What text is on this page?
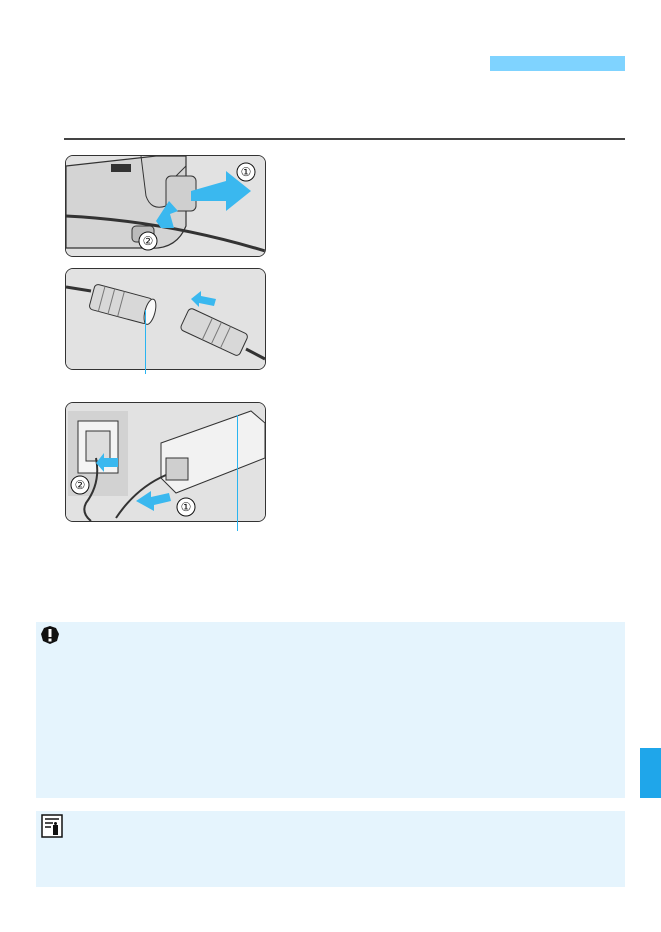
①
②
①
②
